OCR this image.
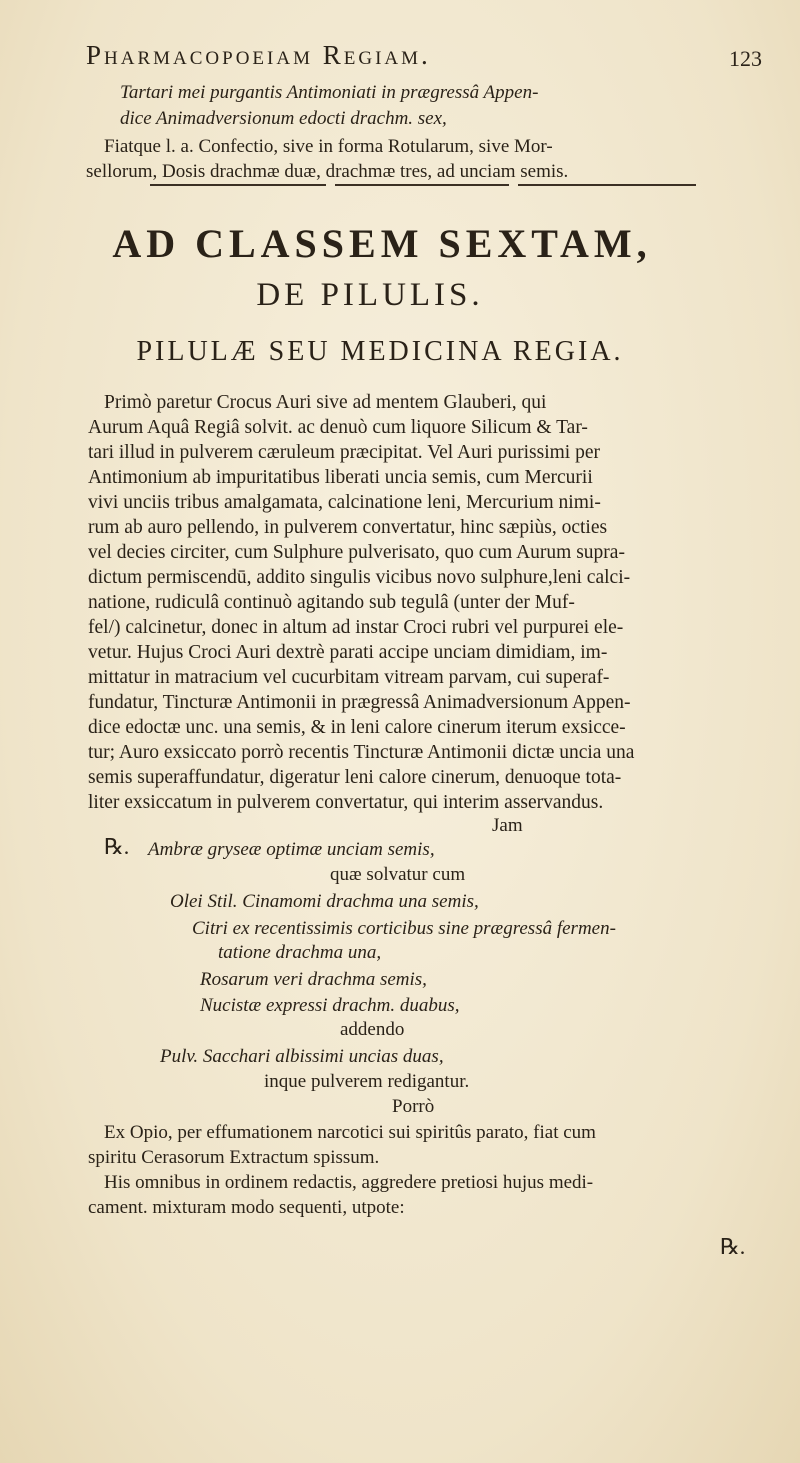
Pharmacopoeiam Regiam.	123
Tartari mei purgantis Antimoniati in prægressâ Appen-
dice Animadversionum edocti drachm. sex,
Fiatque l. a. Confectio, sive in forma Rotularum, sive Mor-
sellorum, Dosis drachmæ duæ, drachmæ tres, ad unciam semis.
AD CLASSEM SEXTAM,
DE PILULIS.
PILULÆ SEU MEDICINA REGIA.
Primò paretur Crocus Auri sive ad mentem Glauberi, qui
Aurum Aquâ Regiâ solvit. ac denuò cum liquore Silicum & Tar-
tari illud in pulverem cæruleum præcipitat. Vel Auri purissimi per
Antimonium ab impuritatibus liberati uncia semis, cum Mercurii
vivi unciis tribus amalgamata, calcinatione leni, Mercurium nimi-
rum ab auro pellendo, in pulverem convertatur, hinc sæpiùs, octies
vel decies circiter, cum Sulphure pulverisato, quo cum Aurum supra-
dictum permiscendū, addito singulis vicibus novo sulphure,leni calci-
natione, rudiculâ continuò agitando sub tegulâ (unter der Muf-
fel/) calcinetur, donec in altum ad instar Croci rubri vel purpurei ele-
vetur. Hujus Croci Auri dextrè parati accipe unciam dimidiam, im-
mittatur in matracium vel cucurbitam vitream parvam, cui superaf-
fundatur, Tincturæ Antimonii in prægressâ Animadversionum Appen-
dice edoctæ unc. una semis, & in leni calore cinerum iterum exsicce-
tur; Auro exsiccato porrò recentis Tincturæ Antimonii dictæ uncia una
semis superaffundatur, digeratur leni calore cinerum, denuoque tota-
liter exsiccatum in pulverem convertatur, qui interim asservandus.
Jam
℞. Ambræ gryseæ optimæ unciam semis,
quæ solvatur cum
Olei Stil. Cinamomi drachma una semis,
Citri ex recentissimis corticibus sine prægressâ fermen-
tatione drachma una,
Rosarum veri drachma semis,
Nucistæ expressi drachm. duabus,
addendo
Pulv. Sacchari albissimi uncias duas,
inque pulverem redigantur.
Porrò
Ex Opio, per effumationem narcotici sui spiritûs parato, fiat cum
spiritu Cerasorum Extractum spissum.
His omnibus in ordinem redactis, aggredere pretiosi hujus medi-
cament. mixturam modo sequenti, utpote:
℞.
